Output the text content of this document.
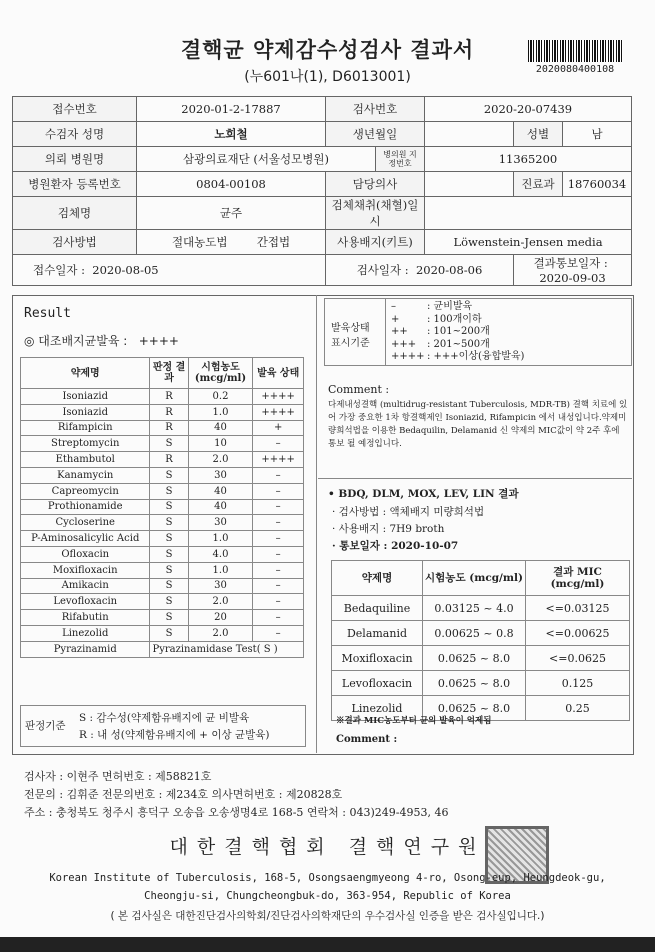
결핵균 약제감수성검사 결과서
(누601나(1), D6013001)	2020080400108
접수번호	2020-01-2-17887	검사번호		2020-20-07439		
수검자 성명	노희철	생년월일			성별	남
의뢰 병원명	삼광의료재단 (서울성모병원)		병의원 지정번호	11365200		
병원환자 등록번호	0804-00108	담당의사			진료과	18760034
검체명	균주	검체채취(채혈)일시				
검사방법	절대농도법 간접법	사용배지(키트)		Löwenstein-Jensen media		
접수일자 : 2020-08-05		검사일자 : 2020-08-06			결과통보일자 :  2020-09-03	
Result
◎ 대조배지균발육 : ++++
약제명	판정 결과	시험농도 (mcg/ml)	발육 상태
Isoniazid	R	0.2	++++
Isoniazid	R	1.0	++++
Rifampicin	R	40	+
Streptomycin	S	10	–
Ethambutol	R	2.0	++++
Kanamycin	S	30	–
Capreomycin	S	40	–
Prothionamide	S	40	–
Cycloserine	S	30	–
P-Aminosalicylic Acid	S	1.0	–
Ofloxacin	S	4.0	–
Moxifloxacin	S	1.0	–
Amikacin	S	30	–
Levofloxacin	S	2.0	–
Rifabutin	S	20	–
Linezolid	S	2.0	–
Pyrazinamid	Pyrazinamidase Test( S )		
판정기준
S : 감수성(약제함유배지에 균 비발육
R : 내 성(약제함유배지에 + 이상 균발육)
발육상태 표시기준
–	: 균비발육
+	: 100개이하
++ : 101~200개
+++ : 201~500개
++++ : +++이상(융합발육)
Comment :
다제내성결핵 (multidrug-resistant Tuberculosis, MDR-TB) 결핵 치료에 있어 가장 중요한 1차 항결핵제인 Isoniazid, Rifampicin 에서 내성입니다.약제미량희석법을 이용한 Bedaquilin, Delamanid 신 약제의 MIC값이 약 2주 후에 통보 될 예정입니다.
• BDQ, DLM, MOX, LEV, LIN 결과
· 검사방법 : 액체배지 미량희석법
· 사용배지 : 7H9 broth
· 통보일자 : 2020-10-07
약제명	시험농도 (mcg/ml)	결과 MIC (mcg/ml)
Bedaquiline	0.03125 ~ 4.0	<=0.03125
Delamanid	0.00625 ~ 0.8	<=0.00625
Moxifloxacin	0.0625 ~ 8.0	<=0.0625
Levofloxacin	0.0625 ~ 8.0	0.125
Linezolid	0.0625 ~ 8.0	0.25
※결과 MIC농도부터 균의 발육이 억제됨
Comment :
검사자 : 이현주 면허번호 : 제58821호
전문의 : 김휘준 전문의번호 : 제234호 의사면허번호 : 제20828호
주소 : 충청북도 청주시 흥덕구 오송읍 오송생명4로 168-5 연락처 : 043)249-4953, 46
대한결핵협회 결핵연구원
Korean Institute of Tuberculosis, 168-5, Osongsaengmyeong 4-ro, Osong-eup, Heungdeok-gu,
Cheongju-si, Chungcheongbuk-do, 363-954, Republic of Korea
( 본 검사실은 대한진단검사의학회/진단검사의학재단의 우수검사실 인증을 받은 검사실입니다.)
